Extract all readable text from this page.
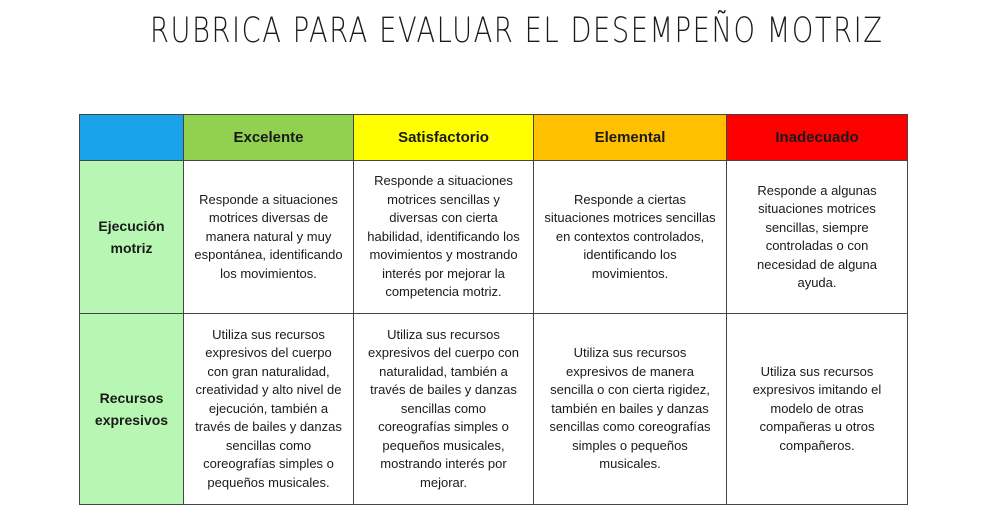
RUBRICA PARA EVALUAR EL DESEMPEÑO MOTRIZ
	Excelente	Satisfactorio	Elemental	Inadecuado
Ejecución motriz	Responde a situaciones motrices diversas de manera natural y muy espontánea, identificando los movimientos.	Responde a situaciones motrices sencillas y diversas con cierta habilidad, identificando los movimientos y mostrando interés por mejorar la competencia motriz.	Responde a ciertas situaciones motrices sencillas en contextos controlados, identificando los movimientos.	Responde a algunas situaciones motrices sencillas, siempre controladas o con necesidad de alguna ayuda.
Recursos expresivos	Utiliza sus recursos expresivos del cuerpo con gran naturalidad, creatividad y alto nivel de ejecución, también a través de bailes y danzas sencillas como coreografías simples o pequeños musicales.	Utiliza sus recursos expresivos del cuerpo con naturalidad, también a través de bailes y danzas sencillas como coreografías simples o pequeños musicales, mostrando interés por mejorar.	Utiliza sus recursos expresivos de manera sencilla o con cierta rigidez, también en bailes y danzas sencillas como coreografías simples o pequeños musicales.	Utiliza sus recursos expresivos imitando el modelo de otras compañeras u otros compañeros.
